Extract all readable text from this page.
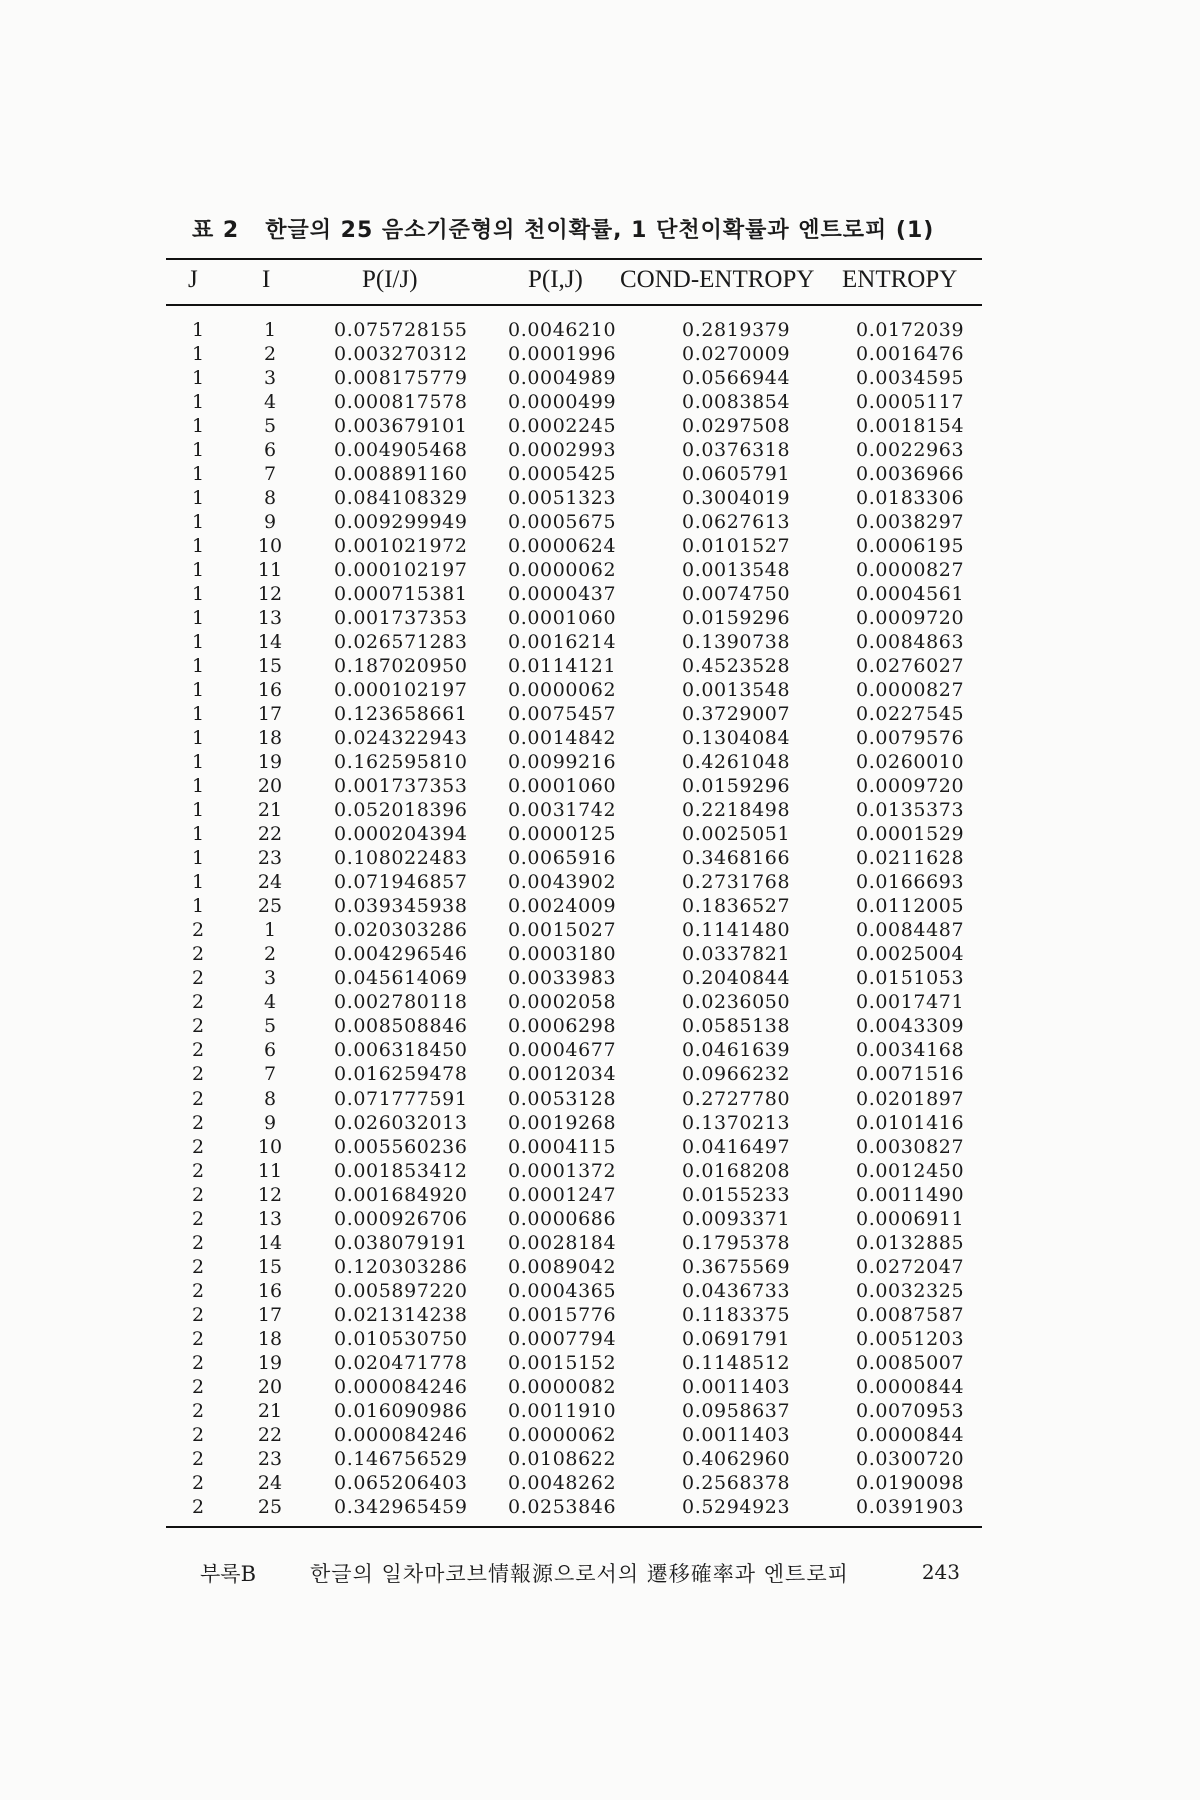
표 2 한글의 25 음소기준형의 천이확률, 1 단천이확률과 엔트로피 (1)
J	I	P(I/J)	P(I,J) COND-ENTROPY ENTROPY
1	1	0.075728155 0.0046210	0.2819379	0.0172039
1	2	0.003270312 0.0001996	0.0270009	0.0016476
1	3	0.008175779 0.0004989	0.0566944	0.0034595
1	4	0.000817578 0.0000499	0.0083854	0.0005117
1	5	0.003679101 0.0002245	0.0297508	0.0018154
1	6	0.004905468 0.0002993	0.0376318	0.0022963
1	7	0.008891160 0.0005425	0.0605791	0.0036966
1	8	0.084108329 0.0051323	0.3004019	0.0183306
1	9	0.009299949 0.0005675	0.0627613	0.0038297
1	10	0.001021972 0.0000624	0.0101527	0.0006195
1	11	0.000102197 0.0000062	0.0013548	0.0000827
1	12	0.000715381 0.0000437	0.0074750	0.0004561
1	13	0.001737353 0.0001060	0.0159296	0.0009720
1	14	0.026571283 0.0016214	0.1390738	0.0084863
1	15	0.187020950 0.0114121	0.4523528	0.0276027
1	16	0.000102197 0.0000062	0.0013548	0.0000827
1	17	0.123658661 0.0075457	0.3729007	0.0227545
1	18	0.024322943 0.0014842	0.1304084	0.0079576
1	19	0.162595810 0.0099216	0.4261048	0.0260010
1	20	0.001737353 0.0001060	0.0159296	0.0009720
1	21	0.052018396 0.0031742	0.2218498	0.0135373
1	22	0.000204394 0.0000125	0.0025051	0.0001529
1	23	0.108022483 0.0065916	0.3468166	0.0211628
1	24	0.071946857 0.0043902	0.2731768	0.0166693
1	25	0.039345938 0.0024009	0.1836527	0.0112005
2	1	0.020303286 0.0015027	0.1141480	0.0084487
2	2	0.004296546 0.0003180	0.0337821	0.0025004
2	3	0.045614069 0.0033983	0.2040844	0.0151053
2	4	0.002780118 0.0002058	0.0236050	0.0017471
2	5	0.008508846 0.0006298	0.0585138	0.0043309
2	6	0.006318450 0.0004677	0.0461639	0.0034168
2	7	0.016259478 0.0012034	0.0966232	0.0071516
2	8	0.071777591 0.0053128	0.2727780	0.0201897
2	9	0.026032013 0.0019268	0.1370213	0.0101416
2	10	0.005560236 0.0004115	0.0416497	0.0030827
2	11	0.001853412 0.0001372	0.0168208	0.0012450
2	12	0.001684920 0.0001247	0.0155233	0.0011490
2	13	0.000926706 0.0000686	0.0093371	0.0006911
2	14	0.038079191 0.0028184	0.1795378	0.0132885
2	15	0.120303286 0.0089042	0.3675569	0.0272047
2	16	0.005897220 0.0004365	0.0436733	0.0032325
2	17	0.021314238 0.0015776	0.1183375	0.0087587
2	18	0.010530750 0.0007794	0.0691791	0.0051203
2	19	0.020471778 0.0015152	0.1148512	0.0085007
2	20	0.000084246 0.0000082	0.0011403	0.0000844
2	21	0.016090986 0.0011910	0.0958637	0.0070953
2	22	0.000084246 0.0000062	0.0011403	0.0000844
2	23	0.146756529 0.0108622	0.4062960	0.0300720
2	24	0.065206403 0.0048262	0.2568378	0.0190098
2	25	0.342965459 0.0253846	0.5294923	0.0391903
부록B	한글의 일차마코브情報源으로서의 遷移確率과 엔트로피	243
